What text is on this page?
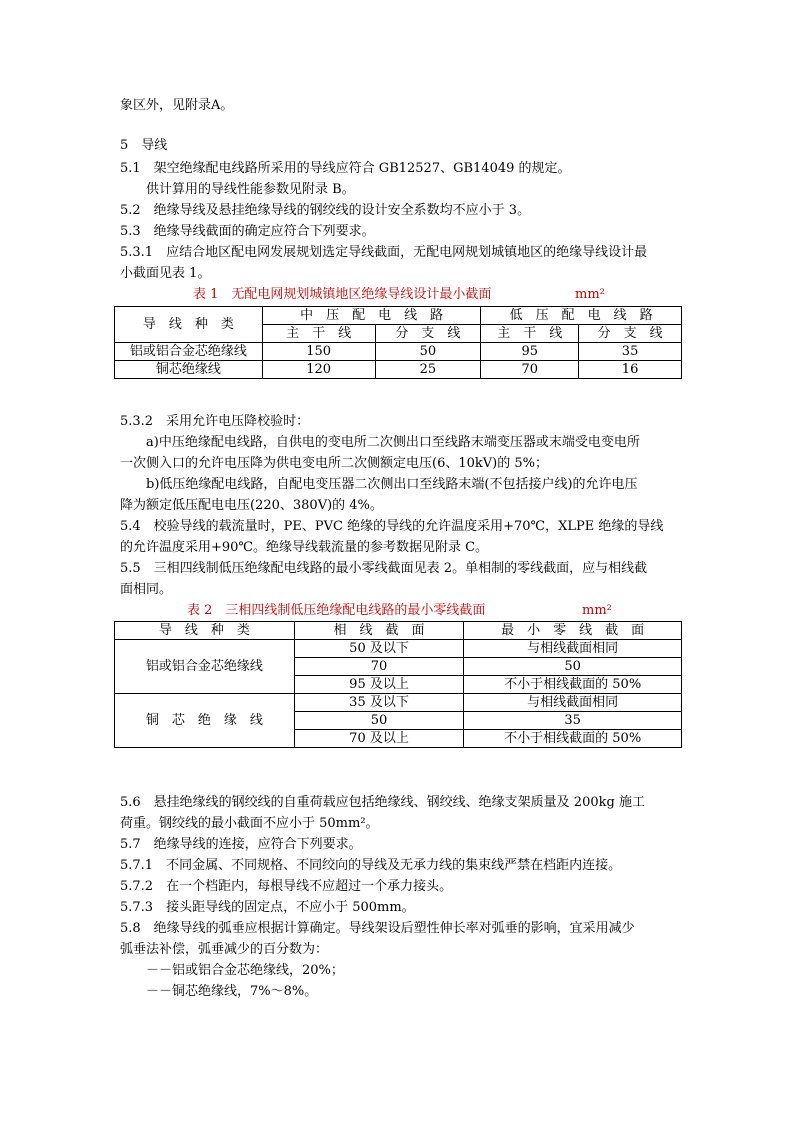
象区外，见附录A。
5　导线
5.1　架空绝缘配电线路所采用的导线应符合 GB12527、GB14049 的规定。
　　供计算用的导线性能参数见附录 B。
5.2　绝缘导线及悬挂绝缘导线的钢绞线的设计安全系数均不应小于 3。
5.3　绝缘导线截面的确定应符合下列要求。
5.3.1　应结合地区配电网发展规划选定导线截面，无配电网规划城镇地区的绝缘导线设计最
小截面见表 1。
表 1　无配电网规划城镇地区绝缘导线设计最小截面	mm²
导　线　种　类	中　压　配　电　线　路		低　压　配　电　线　路	
	主　干　线	分　支　线	主　干　线	分　支　线
铝或铝合金芯绝缘线	150	50	95	35
铜芯绝缘线	120	25	70	16
5.3.2　采用允许电压降校验时：
　　a)中压绝缘配电线路，自供电的变电所二次侧出口至线路末端变压器或末端受电变电所
一次侧入口的允许电压降为供电变电所二次侧额定电压(6、10kV)的 5%；
　　b)低压绝缘配电线路，自配电变压器二次侧出口至线路末端(不包括接户线)的允许电压
降为额定低压配电电压(220、380V)的 4%。
5.4　校验导线的载流量时，PE、PVC 绝缘的导线的允许温度采用+70℃，XLPE 绝缘的导线
的允许温度采用+90℃。绝缘导线载流量的参考数据见附录 C。
5.5　三相四线制低压绝缘配电线路的最小零线截面见表 2。单相制的零线截面，应与相线截
面相同。
表 2　三相四线制低压绝缘配电线路的最小零线截面	mm²
导　线　种　类	相　线　截　面	最　小　零　线　截　面
铝或铝合金芯绝缘线	50 及以下	与相线截面相同
	70	50
	95 及以上	不小于相线截面的 50%
铜　芯　绝　缘　线	35 及以下	与相线截面相同
	50	35
	70 及以上	不小于相线截面的 50%
5.6　悬挂绝缘线的钢绞线的自重荷载应包括绝缘线、钢绞线、绝缘支架质量及 200kg 施工
荷重。钢绞线的最小截面不应小于 50mm²。
5.7　绝缘导线的连接，应符合下列要求。
5.7.1　不同金属、不同规格、不同绞向的导线及无承力线的集束线严禁在档距内连接。
5.7.2　在一个档距内，每根导线不应超过一个承力接头。
5.7.3　接头距导线的固定点，不应小于 500mm。
5.8　绝缘导线的弧垂应根据计算确定。导线架设后塑性伸长率对弧垂的影响，宜采用减少
弧垂法补偿，弧垂减少的百分数为：
　　－－铝或铝合金芯绝缘线，20%；
　　－－铜芯绝缘线，7%～8%。
